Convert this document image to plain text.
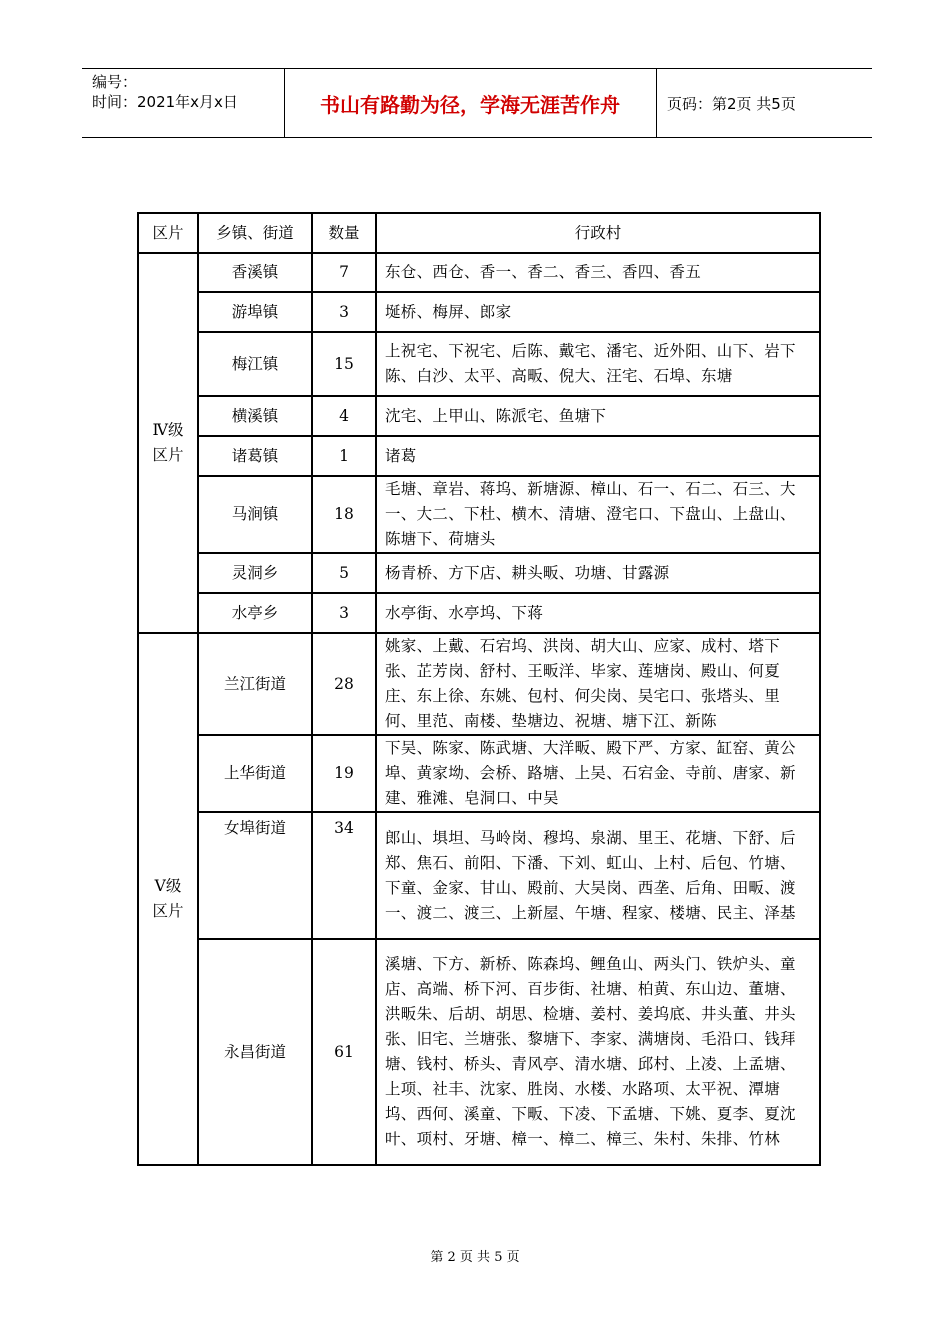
编号：
时间：2021年x月x日	书山有路勤为径，学海无涯苦作舟	页码：第2页 共5页
区片	乡镇、街道	数量	行政村

Ⅳ级
区片	香溪镇	7	东仓、西仓、香一、香二、香三、香四、香五
	游埠镇	3	埏桥、梅屏、郎家
	梅江镇	15	上祝宅、下祝宅、后陈、戴宅、潘宅、近外阳、山下、岩下陈、白沙、太平、高畈、倪大、汪宅、石埠、东塘
	横溪镇	4	沈宅、上甲山、陈派宅、鱼塘下
	诸葛镇	1	诸葛
	马涧镇	18	毛塘、章岩、蒋坞、新塘源、樟山、石一、石二、石三、大一、大二、下杜、横木、清塘、澄宅口、下盘山、上盘山、陈塘下、荷塘头
	灵洞乡	5	杨青桥、方下店、耕头畈、功塘、甘露源
	水亭乡	3	水亭街、水亭坞、下蒋

Ⅴ级
区片	兰江街道	28	姚家、上戴、石宕坞、洪岗、胡大山、应家、成村、塔下张、芷芳岗、舒村、王畈洋、毕家、莲塘岗、殿山、何夏庄、东上徐、东姚、包村、何尖岗、吴宅口、张塔头、里何、里范、南楼、垫塘边、祝塘、塘下江、新陈
	上华街道	19	下吴、陈家、陈武塘、大洋畈、殿下严、方家、缸窑、黄公埠、黄家坳、会桥、路塘、上吴、石宕金、寺前、唐家、新建、雅滩、皂洞口、中吴
	女埠街道	34	郎山、埧坦、马岭岗、穆坞、泉湖、里王、花塘、下舒、后郑、焦石、前阳、下潘、下刘、虹山、上村、后包、竹塘、下童、金家、甘山、殿前、大吴岗、西垄、后角、田畈、渡一、渡二、渡三、上新屋、午塘、程家、楼塘、民主、泽基
	永昌街道	61	溪塘、下方、新桥、陈森坞、鲤鱼山、两头门、铁炉头、童店、高端、桥下河、百步街、社塘、柏黄、东山边、董塘、洪畈朱、后胡、胡思、检塘、姜村、姜坞底、井头董、井头张、旧宅、兰塘张、黎塘下、李家、满塘岗、毛沿口、钱拜塘、钱村、桥头、青风亭、清水塘、邱村、上凌、上孟塘、上项、社丰、沈家、胜岗、水楼、水路项、太平祝、潭塘坞、西何、溪童、下畈、下凌、下孟塘、下姚、夏李、夏沈叶、项村、牙塘、樟一、樟二、樟三、朱村、朱排、竹林
第 2 页 共 5 页
